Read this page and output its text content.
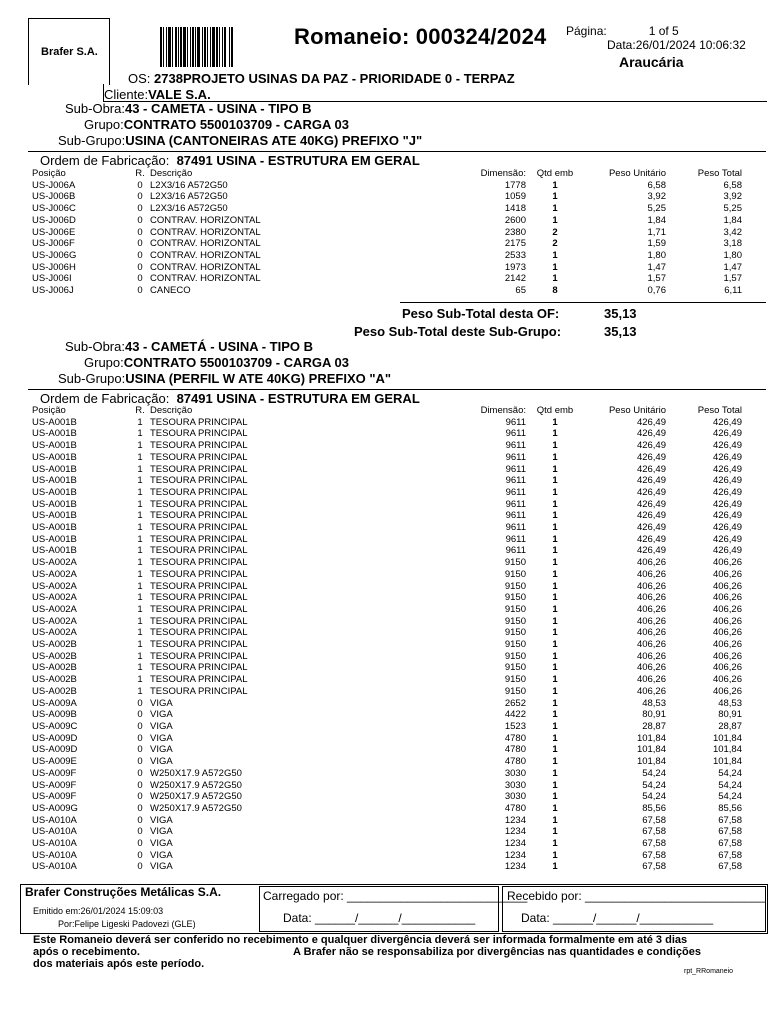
Brafer S.A.
Romaneio: 000324/2024 Página:	1 of 5
Data:26/01/2024 10:06:32
Araucária
OS: 2738PROJETO USINAS DA PAZ - PRIORIDADE 0 - TERPAZ
Cliente:VALE S.A.
Sub-Obra:43 - CAMETA - USINA - TIPO B
Grupo:CONTRATO 5500103709 - CARGA 03
Sub-Grupo:USINA (CANTONEIRAS ATE 40KG) PREFIXO "J"
Ordem de Fabricação: 87491 USINA - ESTRUTURA EM GERAL
Posição	R.	Descrição	Dimensão:	Qtd emb	Peso Unitário	Peso Total
US-J006A	0	L2X3/16 A572G50	1778	1	6,58	6,58
US-J006B	0	L2X3/16 A572G50	1059	1	3,92	3,92
US-J006C	0	L2X3/16 A572G50	1418	1	5,25	5,25
US-J006D	0	CONTRAV. HORIZONTAL	2600	1	1,84	1,84
US-J006E	0	CONTRAV. HORIZONTAL	2380	2	1,71	3,42
US-J006F	0	CONTRAV. HORIZONTAL	2175	2	1,59	3,18
US-J006G	0	CONTRAV. HORIZONTAL	2533	1	1,80	1,80
US-J006H	0	CONTRAV. HORIZONTAL	1973	1	1,47	1,47
US-J006I	0	CONTRAV. HORIZONTAL	2142	1	1,57	1,57
US-J006J	0	CANECO	65	8	0,76	6,11
Peso Sub-Total desta OF:	35,13
Peso Sub-Total deste Sub-Grupo:	35,13
Sub-Obra:43 - CAMETÁ - USINA - TIPO B
Grupo:CONTRATO 5500103709 - CARGA 03
Sub-Grupo:USINA (PERFIL W ATE 40KG) PREFIXO "A"
Ordem de Fabricação: 87491 USINA - ESTRUTURA EM GERAL
Posição	R.	Descrição	Dimensão:	Qtd emb	Peso Unitário	Peso Total
US-A001B	1	TESOURA PRINCIPAL	9611	1	426,49	426,49
US-A001B	1	TESOURA PRINCIPAL	9611	1	426,49	426,49
US-A001B	1	TESOURA PRINCIPAL	9611	1	426,49	426,49
US-A001B	1	TESOURA PRINCIPAL	9611	1	426,49	426,49
US-A001B	1	TESOURA PRINCIPAL	9611	1	426,49	426,49
US-A001B	1	TESOURA PRINCIPAL	9611	1	426,49	426,49
US-A001B	1	TESOURA PRINCIPAL	9611	1	426,49	426,49
US-A001B	1	TESOURA PRINCIPAL	9611	1	426,49	426,49
US-A001B	1	TESOURA PRINCIPAL	9611	1	426,49	426,49
US-A001B	1	TESOURA PRINCIPAL	9611	1	426,49	426,49
US-A001B	1	TESOURA PRINCIPAL	9611	1	426,49	426,49
US-A001B	1	TESOURA PRINCIPAL	9611	1	426,49	426,49
US-A002A	1	TESOURA PRINCIPAL	9150	1	406,26	406,26
US-A002A	1	TESOURA PRINCIPAL	9150	1	406,26	406,26
US-A002A	1	TESOURA PRINCIPAL	9150	1	406,26	406,26
US-A002A	1	TESOURA PRINCIPAL	9150	1	406,26	406,26
US-A002A	1	TESOURA PRINCIPAL	9150	1	406,26	406,26
US-A002A	1	TESOURA PRINCIPAL	9150	1	406,26	406,26
US-A002A	1	TESOURA PRINCIPAL	9150	1	406,26	406,26
US-A002B	1	TESOURA PRINCIPAL	9150	1	406,26	406,26
US-A002B	1	TESOURA PRINCIPAL	9150	1	406,26	406,26
US-A002B	1	TESOURA PRINCIPAL	9150	1	406,26	406,26
US-A002B	1	TESOURA PRINCIPAL	9150	1	406,26	406,26
US-A002B	1	TESOURA PRINCIPAL	9150	1	406,26	406,26
US-A009A	0	VIGA	2652	1	48,53	48,53
US-A009B	0	VIGA	4422	1	80,91	80,91
US-A009C	0	VIGA	1523	1	28,87	28,87
US-A009D	0	VIGA	4780	1	101,84	101,84
US-A009D	0	VIGA	4780	1	101,84	101,84
US-A009E	0	VIGA	4780	1	101,84	101,84
US-A009F	0	W250X17.9 A572G50	3030	1	54,24	54,24
US-A009F	0	W250X17.9 A572G50	3030	1	54,24	54,24
US-A009F	0	W250X17.9 A572G50	3030	1	54,24	54,24
US-A009G	0	W250X17.9 A572G50	4780	1	85,56	85,56
US-A010A	0	VIGA	1234	1	67,58	67,58
US-A010A	0	VIGA	1234	1	67,58	67,58
US-A010A	0	VIGA	1234	1	67,58	67,58
US-A010A	0	VIGA	1234	1	67,58	67,58
US-A010A	0	VIGA	1234	1	67,58	67,58
Brafer Construções Metálicas S.A.
Emitido em:26/01/2024 15:09:03
Por:Felipe Ligeski Padovezi (GLE)
Carregado por: ___________________________
Data: ______/______/___________
Recebido por: ___________________________
Data: ______/______/___________
Este Romaneio deverá ser conferido no recebimento e qualquer divergência deverá ser informada formalmente em até 3 dias
após o recebimento.	A Brafer não se responsabiliza por divergências nas quantidades e condições
dos materiais após este período.
rpt_RRomaneio
